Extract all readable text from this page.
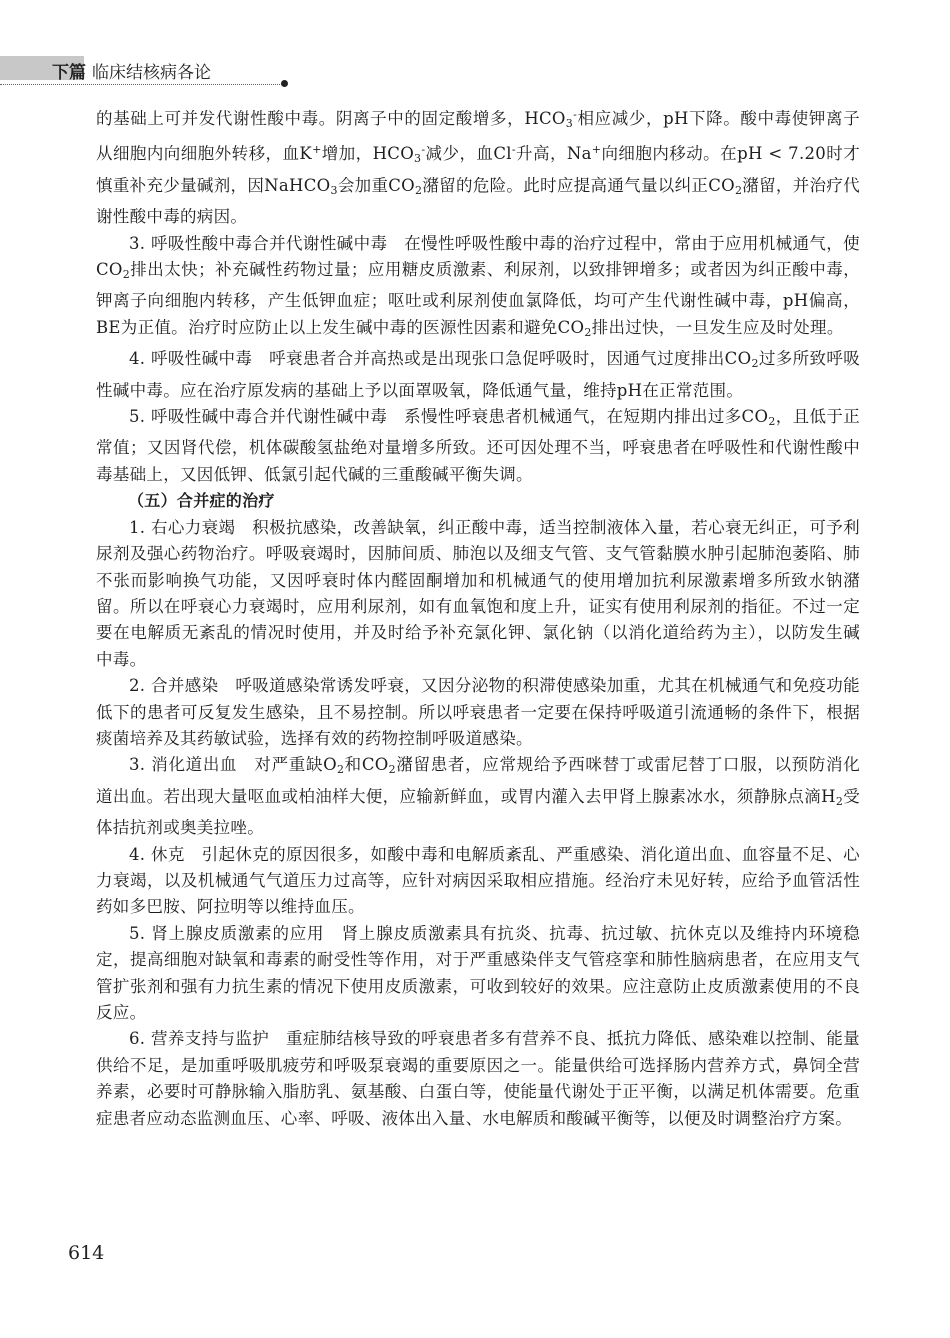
下篇 临床结核病各论

的基础上可并发代谢性酸中毒。阴离子中的固定酸增多，$HCO_3^-$相应减少，pH下降。酸中毒使钾离子从细胞内向细胞外转移，血K+增加，$HCO_3^-$减少，血Cl-升高，Na+向细胞内移动。在pH < 7.20时才慎重补充少量碱剂，因NaHCO$_3$会加重$CO_2$潴留的危险。此时应提高通气量以纠正$CO_2$潴留，并治疗代谢性酸中毒的病因。

3. 呼吸性酸中毒合并代谢性碱中毒　在慢性呼吸性酸中毒的治疗过程中，常由于应用机械通气，使$CO_2$排出太快；补充碱性药物过量；应用糖皮质激素、利尿剂，以致排钾增多；或者因为纠正酸中毒，钾离子向细胞内转移，产生低钾血症；呕吐或利尿剂使血氯降低，均可产生代谢性碱中毒，pH偏高，BE为正值。治疗时应防止以上发生碱中毒的医源性因素和避免$CO_2$排出过快，一旦发生应及时处理。

4. 呼吸性碱中毒　呼衰患者合并高热或是出现张口急促呼吸时，因通气过度排出$CO_2$过多所致呼吸性碱中毒。应在治疗原发病的基础上予以面罩吸氧，降低通气量，维持pH在正常范围。

5. 呼吸性碱中毒合并代谢性碱中毒　系慢性呼衰患者机械通气，在短期内排出过多$CO_2$，且低于正常值；又因肾代偿，机体碳酸氢盐绝对量增多所致。还可因处理不当，呼衰患者在呼吸性和代谢性酸中毒基础上，又因低钾、低氯引起代碱的三重酸碱平衡失调。

（五）合并症的治疗

1. 右心力衰竭　积极抗感染，改善缺氧，纠正酸中毒，适当控制液体入量，若心衰无纠正，可予利尿剂及强心药物治疗。呼吸衰竭时，因肺间质、肺泡以及细支气管、支气管黏膜水肿引起肺泡萎陷、肺不张而影响换气功能，又因呼衰时体内醛固酮增加和机械通气的使用增加抗利尿激素增多所致水钠潴留。所以在呼衰心力衰竭时，应用利尿剂，如有血氧饱和度上升，证实有使用利尿剂的指征。不过一定要在电解质无紊乱的情况时使用，并及时给予补充氯化钾、氯化钠（以消化道给药为主），以防发生碱中毒。

2. 合并感染　呼吸道感染常诱发呼衰，又因分泌物的积滞使感染加重，尤其在机械通气和免疫功能低下的患者可反复发生感染，且不易控制。所以呼衰患者一定要在保持呼吸道引流通畅的条件下，根据痰菌培养及其药敏试验，选择有效的药物控制呼吸道感染。

3. 消化道出血　对严重缺$O_2$和$CO_2$潴留患者，应常规给予西咪替丁或雷尼替丁口服，以预防消化道出血。若出现大量呕血或柏油样大便，应输新鲜血，或胃内灌入去甲肾上腺素冰水，须静脉点滴$H_2$受体拮抗剂或奥美拉唑。

4. 休克　引起休克的原因很多，如酸中毒和电解质紊乱、严重感染、消化道出血、血容量不足、心力衰竭，以及机械通气气道压力过高等，应针对病因采取相应措施。经治疗未见好转，应给予血管活性药如多巴胺、阿拉明等以维持血压。

5. 肾上腺皮质激素的应用　肾上腺皮质激素具有抗炎、抗毒、抗过敏、抗休克以及维持内环境稳定，提高细胞对缺氧和毒素的耐受性等作用，对于严重感染伴支气管痉挛和肺性脑病患者，在应用支气管扩张剂和强有力抗生素的情况下使用皮质激素，可收到较好的效果。应注意防止皮质激素使用的不良反应。

6. 营养支持与监护　重症肺结核导致的呼衰患者多有营养不良、抵抗力降低、感染难以控制、能量供给不足，是加重呼吸肌疲劳和呼吸泵衰竭的重要原因之一。能量供给可选择肠内营养方式，鼻饲全营养素，必要时可静脉输入脂肪乳、氨基酸、白蛋白等，使能量代谢处于正平衡，以满足机体需要。危重症患者应动态监测血压、心率、呼吸、液体出入量、水电解质和酸碱平衡等，以便及时调整治疗方案。

614
